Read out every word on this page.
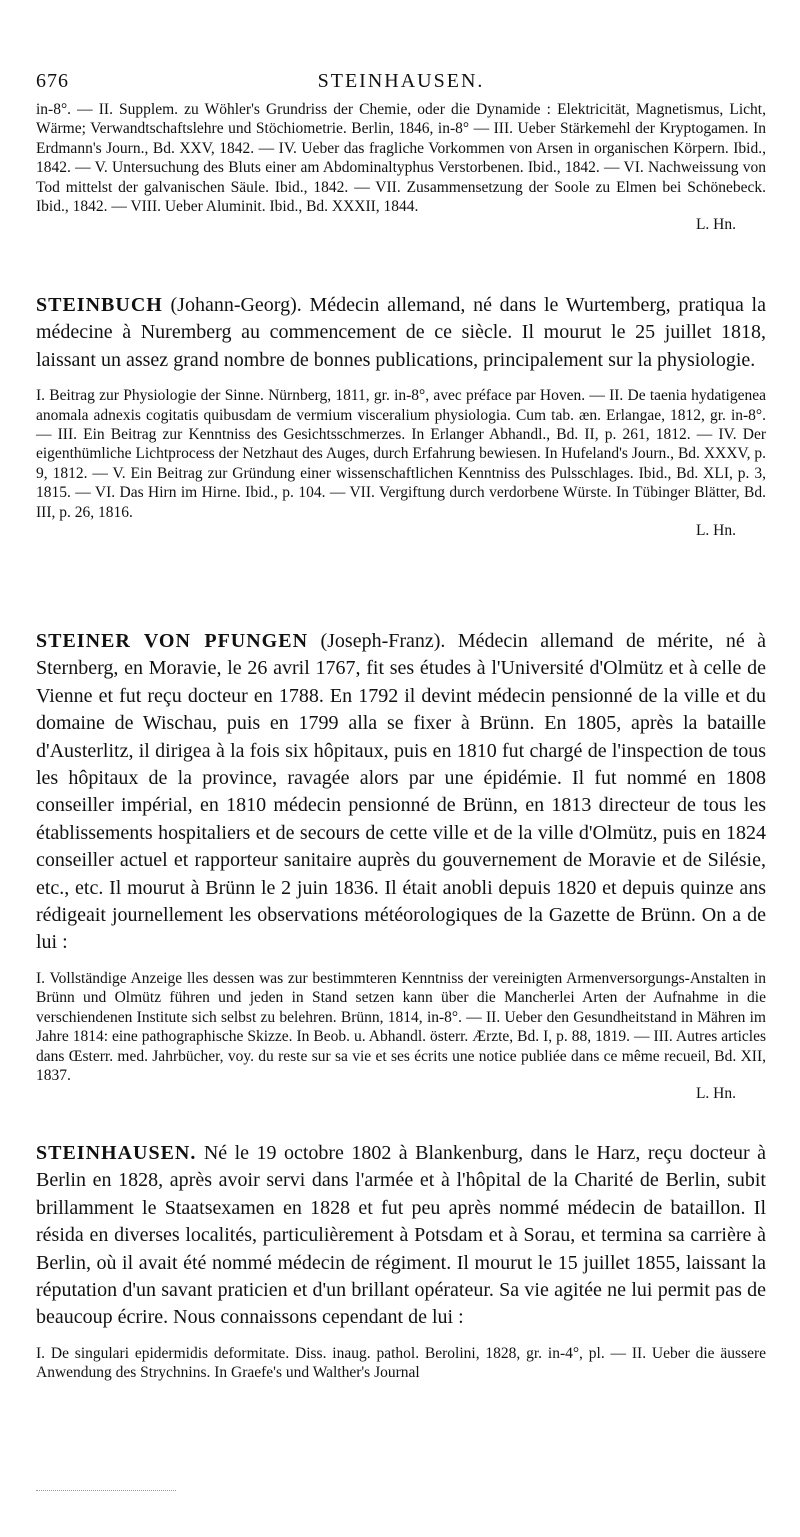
676	STEINHAUSEN.

in-8°. — II. Supplem. zu Wöhler's Grundriss der Chemie, oder die Dynamide : Elektricität, Magnetismus, Licht, Wärme; Verwandtschaftslehre und Stöchiometrie. Berlin, 1846, in-8° — III. Ueber Stärkemehl der Kryptogamen. In Erdmann's Journ., Bd. XXV, 1842. — IV. Ueber das fragliche Vorkommen von Arsen in organischen Körpern. Ibid., 1842. — V. Untersuchung des Bluts einer am Abdominaltyphus Verstorbenen. Ibid., 1842. — VI. Nachweissung von Tod mittelst der galvanischen Säule. Ibid., 1842. — VII. Zusammensetzung der Soole zu Elmen bei Schönebeck. Ibid., 1842. — VIII. Ueber Aluminit. Ibid., Bd. XXXII, 1844.

L. Hn.

STEINBUCH (Johann-Georg). Médecin allemand, né dans le Wurtemberg, pratiqua la médecine à Nuremberg au commencement de ce siècle. Il mourut le 25 juillet 1818, laissant un assez grand nombre de bonnes publications, principalement sur la physiologie.

I. Beitrag zur Physiologie der Sinne. Nürnberg, 1811, gr. in-8°, avec préface par Hoven. — II. De taenia hydatigenea anomala adnexis cogitatis quibusdam de vermium visceralium physiologia. Cum tab. æn. Erlangae, 1812, gr. in-8°. — III. Ein Beitrag zur Kenntniss des Gesichtsschmerzes. In Erlanger Abhandl., Bd. II, p. 261, 1812. — IV. Der eigenthümliche Lichtprocess der Netzhaut des Auges, durch Erfahrung bewiesen. In Hufeland's Journ., Bd. XXXV, p. 9, 1812. — V. Ein Beitrag zur Gründung einer wissenschaftlichen Kenntniss des Pulsschlages. Ibid., Bd. XLI, p. 3, 1815. — VI. Das Hirn im Hirne. Ibid., p. 104. — VII. Vergiftung durch verdorbene Würste. In Tübinger Blätter, Bd. III, p. 26, 1816.

L. Hn.

STEINER VON PFUNGEN (Joseph-Franz). Médecin allemand de mérite, né à Sternberg, en Moravie, le 26 avril 1767, fit ses études à l'Université d'Olmütz et à celle de Vienne et fut reçu docteur en 1788. En 1792 il devint médecin pensionné de la ville et du domaine de Wischau, puis en 1799 alla se fixer à Brünn. En 1805, après la bataille d'Austerlitz, il dirigea à la fois six hôpitaux, puis en 1810 fut chargé de l'inspection de tous les hôpitaux de la province, ravagée alors par une épidémie. Il fut nommé en 1808 conseiller impérial, en 1810 médecin pensionné de Brünn, en 1813 directeur de tous les établissements hospitaliers et de secours de cette ville et de la ville d'Olmütz, puis en 1824 conseiller actuel et rapporteur sanitaire auprès du gouvernement de Moravie et de Silésie, etc., etc. Il mourut à Brünn le 2 juin 1836. Il était anobli depuis 1820 et depuis quinze ans rédigeait journellement les observations météorologiques de la Gazette de Brünn. On a de lui :

I. Vollständige Anzeige lles dessen was zur bestimmteren Kenntniss der vereinigten Armenversorgungs-Anstalten in Brünn und Olmütz führen und jeden in Stand setzen kann über die Mancherlei Arten der Aufnahme in die verschiendenen Institute sich selbst zu belehren. Brünn, 1814, in-8°. — II. Ueber den Gesundheitstand in Mähren im Jahre 1814: eine pathographische Skizze. In Beob. u. Abhandl. österr. Ærzte, Bd. I, p. 88, 1819. — III. Autres articles dans Œsterr. med. Jahrbücher, voy. du reste sur sa vie et ses écrits une notice publiée dans ce même recueil, Bd. XII, 1837.

L. Hn.

STEINHAUSEN. Né le 19 octobre 1802 à Blankenburg, dans le Harz, reçu docteur à Berlin en 1828, après avoir servi dans l'armée et à l'hôpital de la Charité de Berlin, subit brillamment le Staatsexamen en 1828 et fut peu après nommé médecin de bataillon. Il résida en diverses localités, particulièrement à Potsdam et à Sorau, et termina sa carrière à Berlin, où il avait été nommé médecin de régiment. Il mourut le 15 juillet 1855, laissant la réputation d'un savant praticien et d'un brillant opérateur. Sa vie agitée ne lui permit pas de beaucoup écrire. Nous connaissons cependant de lui :

I. De singulari epidermidis deformitate. Diss. inaug. pathol. Berolini, 1828, gr. in-4°, pl. — II. Ueber die äussere Anwendung des Strychnins. In Graefe's und Walther's Journal
